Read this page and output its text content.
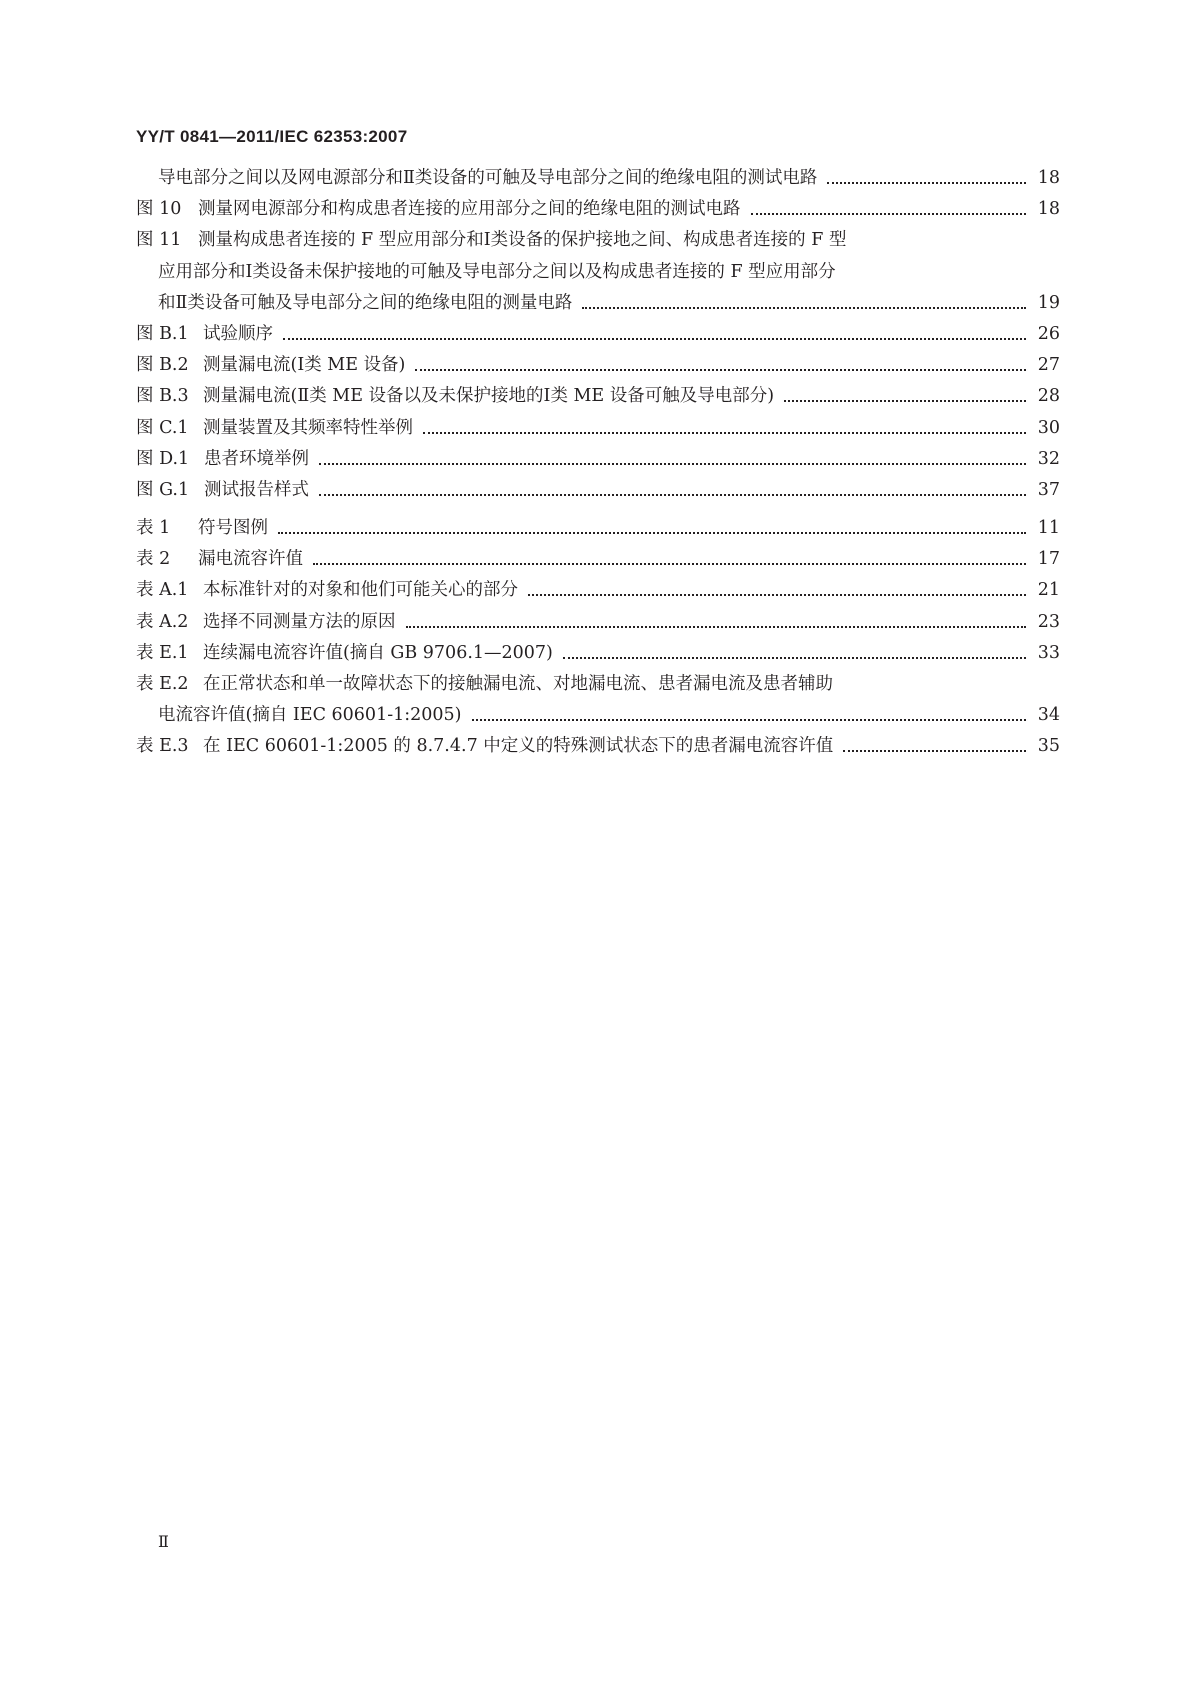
YY/T 0841—2011/IEC 62353:2007
导电部分之间以及网电源部分和Ⅱ类设备的可触及导电部分之间的绝缘电阻的测试电路	18
图 10 测量网电源部分和构成患者连接的应用部分之间的绝缘电阻的测试电路	18
图 11 测量构成患者连接的 F 型应用部分和Ⅰ类设备的保护接地之间、构成患者连接的 F 型
应用部分和Ⅰ类设备未保护接地的可触及导电部分之间以及构成患者连接的 F 型应用部分
和Ⅱ类设备可触及导电部分之间的绝缘电阻的测量电路	19
图 B.1 试验顺序	26
图 B.2 测量漏电流(Ⅰ类 ME 设备)	27
图 B.3 测量漏电流(Ⅱ类 ME 设备以及未保护接地的Ⅰ类 ME 设备可触及导电部分)	28
图 C.1 测量装置及其频率特性举例	30
图 D.1 患者环境举例	32
图 G.1 测试报告样式	37
表 1 符号图例	11
表 2 漏电流容许值	17
表 A.1 本标准针对的对象和他们可能关心的部分	21
表 A.2 选择不同测量方法的原因	23
表 E.1 连续漏电流容许值(摘自 GB 9706.1—2007)	33
表 E.2 在正常状态和单一故障状态下的接触漏电流、对地漏电流、患者漏电流及患者辅助
电流容许值(摘自 IEC 60601-1:2005)	34
表 E.3 在 IEC 60601-1:2005 的 8.7.4.7 中定义的特殊测试状态下的患者漏电流容许值	35
Ⅱ
